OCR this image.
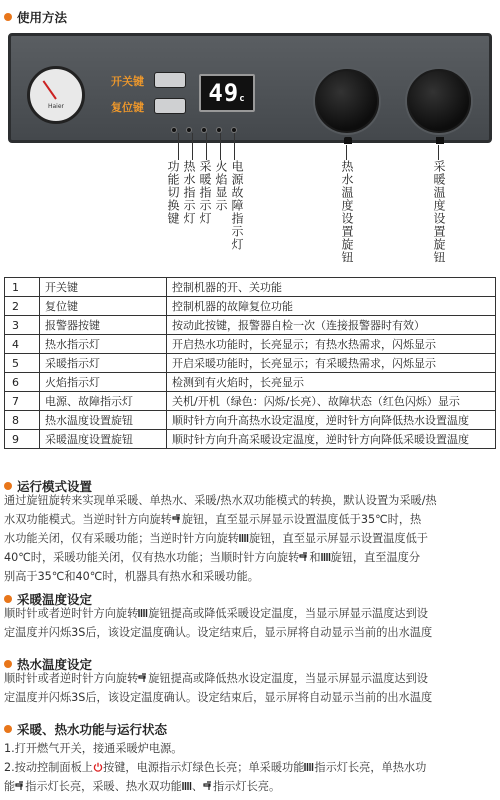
使用方法
Haier
开关键
复位键
49c
功能切换键 热水指示灯 采暖指示灯 火焰显示 电源故障指示灯	热水温度设置旋钮	采暖温度设置旋钮
1	开关键	控制机器的开、关功能
2	复位键	控制机器的故障复位功能
3	报警器按键	按动此按键，报警器自检一次（连接报警器时有效）
4	热水指示灯	开启热水功能时，长亮显示；有热水热需求，闪烁显示
5	采暖指示灯	开启采暖功能时，长亮显示；有采暖热需求，闪烁显示
6	火焰指示灯	检测到有火焰时，长亮显示
7	电源、故障指示灯	关机/开机（绿色：闪烁/长亮）、故障状态（红色闪烁）显示
8	热水温度设置旋钮	顺时针方向升高热水设定温度，逆时针方向降低热水设置温度
9	采暖温度设置旋钮	顺时针方向升高采暖设定温度，逆时针方向降低采暖设置温度
运行模式设置
通过旋钮旋转来实现单采暖、单热水、采暖/热水双功能模式的转换，默认设置为采暖/热
水双功能模式。当逆时针方向旋转 旋钮，直至显示屏显示设置温度低于35℃时，热
水功能关闭，仅有采暖功能；当逆时针方向旋转 旋钮，直至显示屏显示设置温度低于
40℃时，采暖功能关闭，仅有热水功能；当顺时针方向旋转 和 旋钮，直至温度分
别高于35℃和40℃时，机器具有热水和采暖功能。
采暖温度设定
顺时针或者逆时针方向旋转 旋钮提高或降低采暖设定温度，当显示屏显示温度达到设
定温度并闪烁3S后，该设定温度确认。设定结束后，显示屏将自动显示当前的出水温度
热水温度设定
顺时针或者逆时针方向旋转 旋钮提高或降低热水设定温度，当显示屏显示温度达到设
定温度并闪烁3S后，该设定温度确认。设定结束后，显示屏将自动显示当前的出水温度
采暖、热水功能与运行状态
1.打开燃气开关，接通采暖炉电源。
2.按动控制面板上 按键，电源指示灯绿色长亮；单采暖功能 指示灯长亮，单热水功
能 指示灯长亮，采暖、热水双功能 、 指示灯长亮。
